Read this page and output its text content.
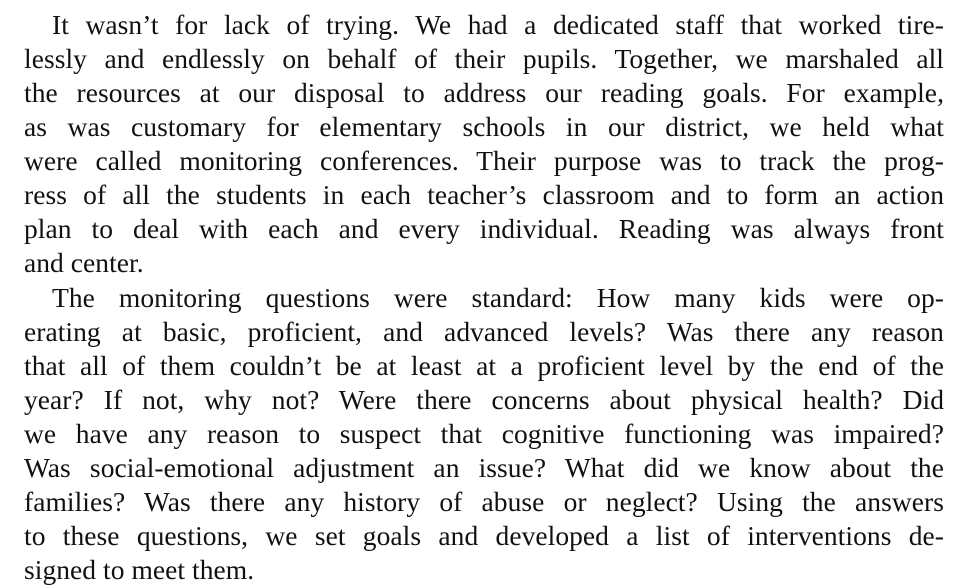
It wasn’t for lack of trying. We had a dedicated staff that worked tire-
lessly and endlessly on behalf of their pupils. Together, we marshaled all
the resources at our disposal to address our reading goals. For example,
as was customary for elementary schools in our district, we held what
were called monitoring conferences. Their purpose was to track the prog-
ress of all the students in each teacher’s classroom and to form an action
plan to deal with each and every individual. Reading was always front
and center.
The monitoring questions were standard: How many kids were op-
erating at basic, proficient, and advanced levels? Was there any reason
that all of them couldn’t be at least at a proficient level by the end of the
year? If not, why not? Were there concerns about physical health? Did
we have any reason to suspect that cognitive functioning was impaired?
Was social-emotional adjustment an issue? What did we know about the
families? Was there any history of abuse or neglect? Using the answers
to these questions, we set goals and developed a list of interventions de-
signed to meet them.
